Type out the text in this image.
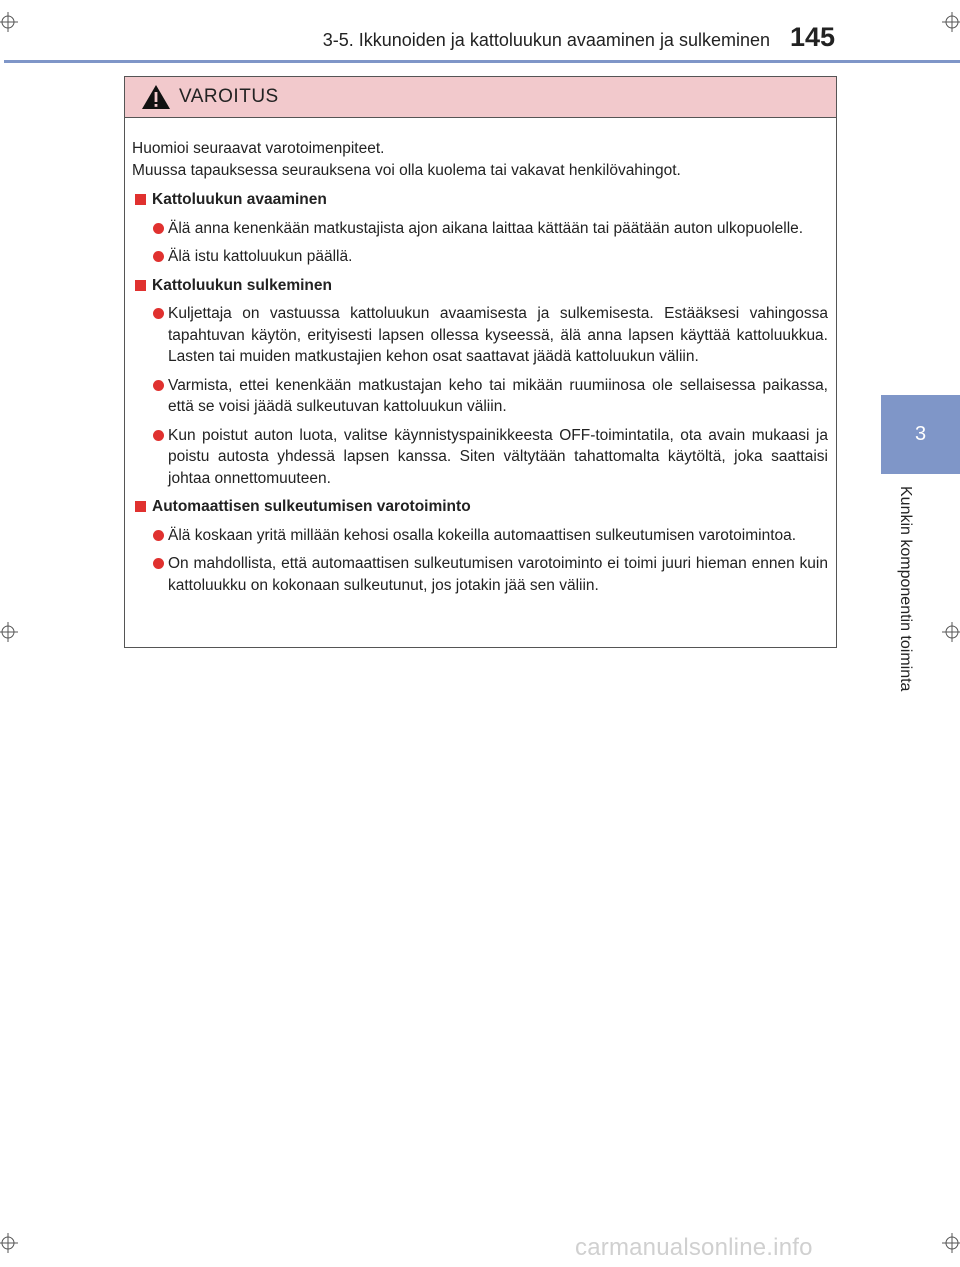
3-5. Ikkunoiden ja kattoluukun avaaminen ja sulkeminen 145
3
Kunkin komponentin toiminta
VAROITUS
Huomioi seuraavat varotoimenpiteet.
Muussa tapauksessa seurauksena voi olla kuolema tai vakavat henkilövahingot.
Kattoluukun avaaminen
Älä anna kenenkään matkustajista ajon aikana laittaa kättään tai päätään auton ulkopuolelle.
Älä istu kattoluukun päällä.
Kattoluukun sulkeminen
Kuljettaja on vastuussa kattoluukun avaamisesta ja sulkemisesta. Estääksesi vahingossa tapahtuvan käytön, erityisesti lapsen ollessa kyseessä, älä anna lapsen käyttää kattoluukkua. Lasten tai muiden matkustajien kehon osat saattavat jäädä kattoluukun väliin.
Varmista, ettei kenenkään matkustajan keho tai mikään ruumiinosa ole sellaisessa paikassa, että se voisi jäädä sulkeutuvan kattoluukun väliin.
Kun poistut auton luota, valitse käynnistyspainikkeesta OFF-toimintatila, ota avain mukaasi ja poistu autosta yhdessä lapsen kanssa. Siten vältytään tahattomalta käytöltä, joka saattaisi johtaa onnettomuuteen.
Automaattisen sulkeutumisen varotoiminto
Älä koskaan yritä millään kehosi osalla kokeilla automaattisen sulkeutumisen varotoimintoa.
On mahdollista, että automaattisen sulkeutumisen varotoiminto ei toimi juuri hieman ennen kuin kattoluukku on kokonaan sulkeutunut, jos jotakin jää sen väliin.
carmanualsonline.info
